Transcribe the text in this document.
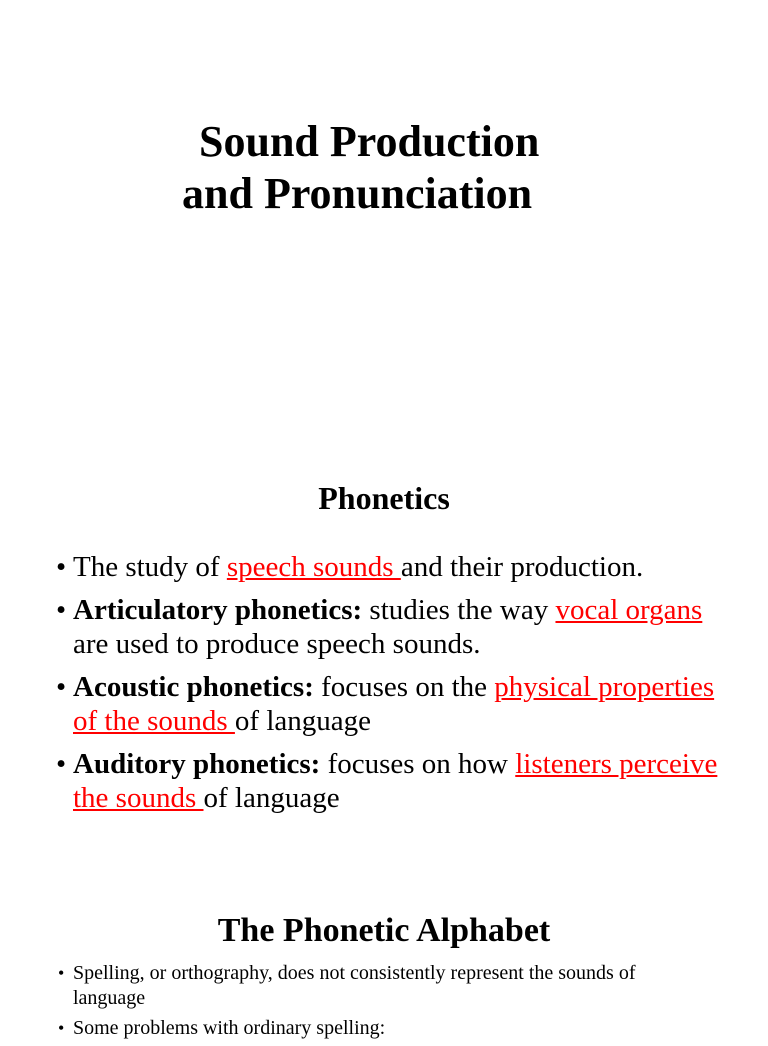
Sound Production
and Pronunciation
Phonetics
• The study of speech sounds and their production.
• Articulatory phonetics: studies the way vocal organs are used to produce speech sounds.
• Acoustic phonetics: focuses on the physical properties of the sounds of language
• Auditory phonetics: focuses on how listeners perceive the sounds of language
The Phonetic Alphabet
• Spelling, or orthography, does not consistently represent the sounds of language
• Some problems with ordinary spelling:
